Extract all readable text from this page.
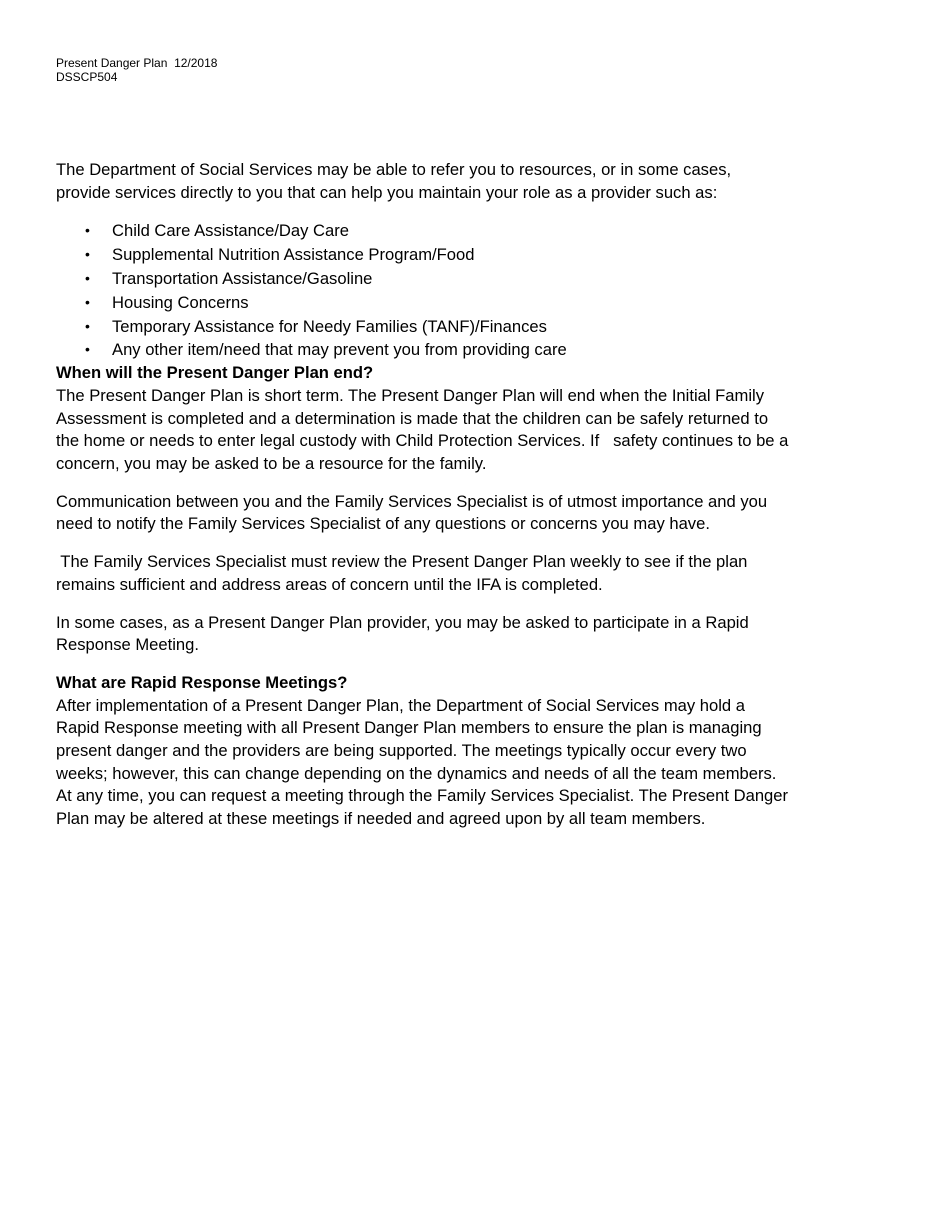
Present Danger Plan  12/2018
DSSCP504

The Department of Social Services may be able to refer you to resources, or in some cases,
provide services directly to you that can help you maintain your role as a provider such as:

• Child Care Assistance/Day Care
• Supplemental Nutrition Assistance Program/Food
• Transportation Assistance/Gasoline
• Housing Concerns
• Temporary Assistance for Needy Families (TANF)/Finances
• Any other item/need that may prevent you from providing care
When will the Present Danger Plan end?

The Present Danger Plan is short term. The Present Danger Plan will end when the Initial Family
Assessment is completed and a determination is made that the children can be safely returned to
the home or needs to enter legal custody with Child Protection Services. If   safety continues to be a
concern, you may be asked to be a resource for the family.

Communication between you and the Family Services Specialist is of utmost importance and you
need to notify the Family Services Specialist of any questions or concerns you may have.

The Family Services Specialist must review the Present Danger Plan weekly to see if the plan
remains sufficient and address areas of concern until the IFA is completed.

In some cases, as a Present Danger Plan provider, you may be asked to participate in a Rapid
Response Meeting.

What are Rapid Response Meetings?

After implementation of a Present Danger Plan, the Department of Social Services may hold a
Rapid Response meeting with all Present Danger Plan members to ensure the plan is managing
present danger and the providers are being supported. The meetings typically occur every two
weeks; however, this can change depending on the dynamics and needs of all the team members.
At any time, you can request a meeting through the Family Services Specialist. The Present Danger
Plan may be altered at these meetings if needed and agreed upon by all team members.
